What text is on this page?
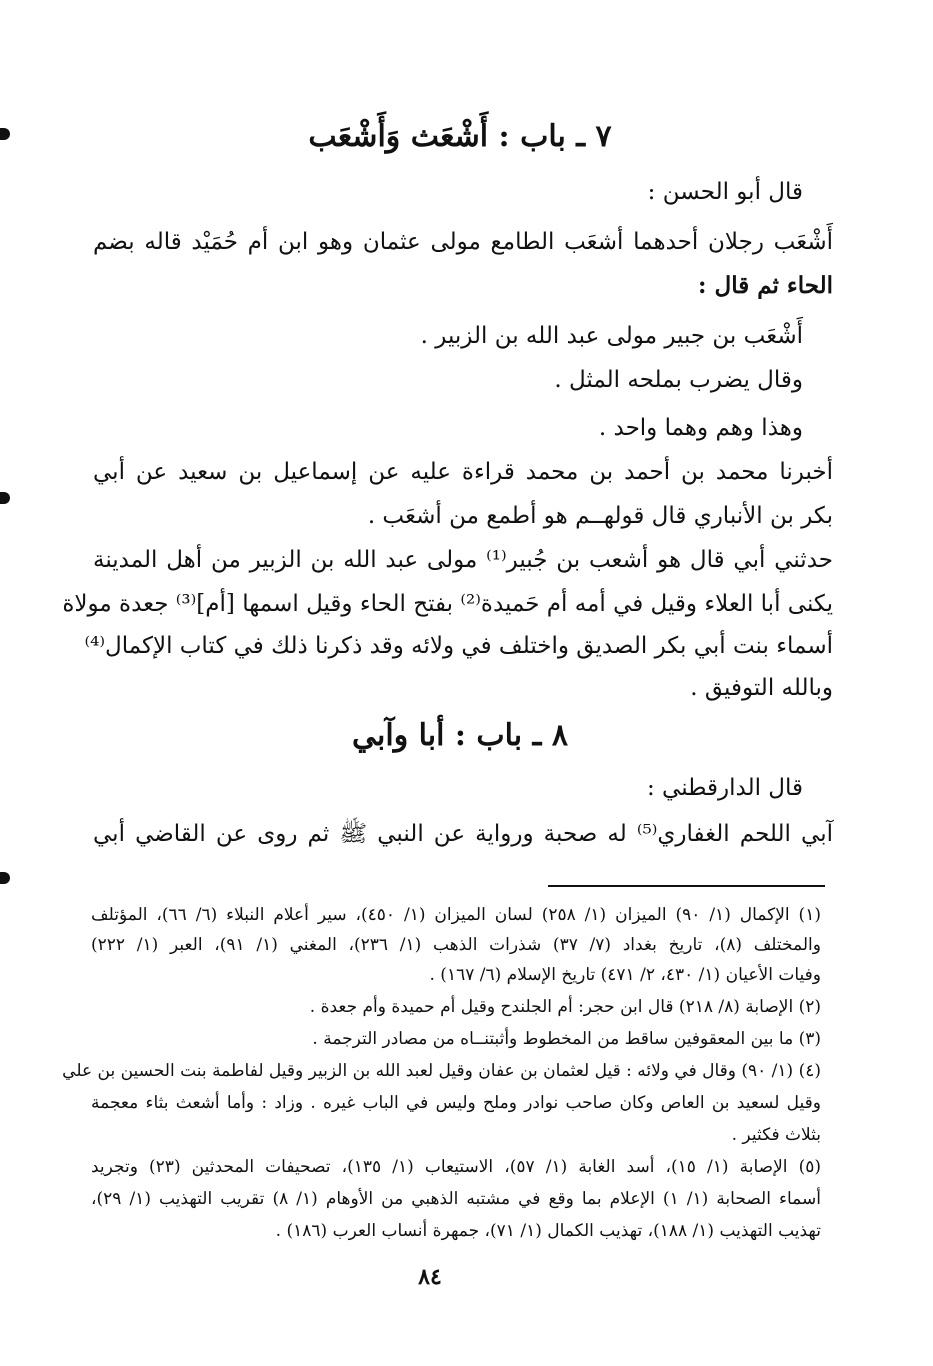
٧ ـ باب : أَشْعَث وَأَشْعَب
قال أبو الحسن :
أَشْعَب رجلان أحدهما أشعَب الطامع مولى عثمان وهو ابن أم حُمَيْد قاله بضم
الحاء ثم قال :
أَشْعَب بن جبير مولى عبد الله بن الزبير .
وقال يضرب بملحه المثل .
وهذا وهم وهما واحد .
أخبرنا محمد بن أحمد بن محمد قراءة عليه عن إسماعيل بن سعيد عن أبي
بكر بن الأنباري قال قولهــم هو أطمع من أشعَب .
حدثني أبي قال هو أشعب بن جُبير⁽¹⁾ مولى عبد الله بن الزبير من أهل المدينة
يكنى أبا العلاء وقيل في أمه أم حَميدة⁽²⁾ بفتح الحاء وقيل اسمها [أم]⁽³⁾ جعدة مولاة
أسماء بنت أبي بكر الصديق واختلف في ولائه وقد ذكرنا ذلك في كتاب الإكمال⁽⁴⁾
وبالله التوفيق .
٨ ـ باب : أبا وآبي
قال الدارقطني :
آبي اللحم الغفاري⁽⁵⁾ له صحبة ورواية عن النبي ﷺ ثم روى عن القاضي أبي
(١) الإكمال (١/ ٩٠) الميزان (١/ ٢٥٨) لسان الميزان (١/ ٤٥٠)، سير أعلام النبلاء (٦/ ٦٦)، المؤتلف
والمختلف (٨)، تاريخ بغداد (٧/ ٣٧) شذرات الذهب (١/ ٢٣٦)، المغني (١/ ٩١)، العبر (١/ ٢٢٢)
وفيات الأعيان (١/ ٤٣٠، ٢/ ٤٧١) تاريخ الإسلام (٦/ ١٦٧) .
(٢) الإصابة (٨/ ٢١٨) قال ابن حجر: أم الجلندح وقيل أم حميدة وأم جعدة .
(٣) ما بين المعقوفين ساقط من المخطوط وأثبتنــاه من مصادر الترجمة .
(٤) (١/ ٩٠) وقال في ولائه : قيل لعثمان بن عفان وقيل لعبد الله بن الزبير وقيل لفاطمة بنت الحسين بن علي
وقيل لسعيد بن العاص وكان صاحب نوادر وملح وليس في الباب غيره . وزاد : وأما أشعث بثاء معجمة
بثلاث فكثير .
(٥) الإصابة (١/ ١٥)، أسد الغابة (١/ ٥٧)، الاستيعاب (١/ ١٣٥)، تصحيفات المحدثين (٢٣) وتجريد
أسماء الصحابة (١/ ١) الإعلام بما وقع في مشتبه الذهبي من الأوهام (١/ ٨) تقريب التهذيب (١/ ٢٩)،
تهذيب التهذيب (١/ ١٨٨)، تهذيب الكمال (١/ ٧١)، جمهرة أنساب العرب (١٨٦) .
٨٤
